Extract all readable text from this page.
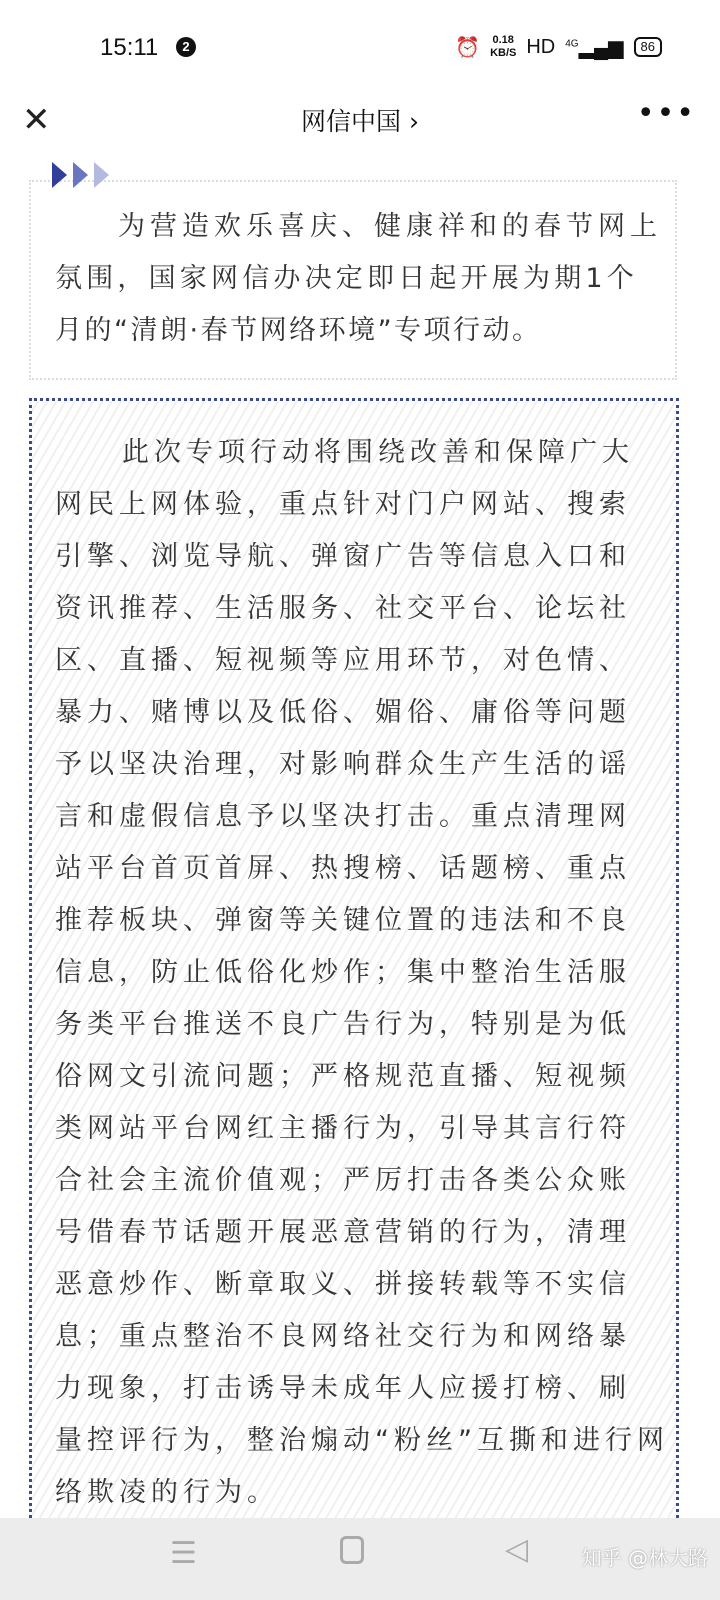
15:11	2	⏰ 0.18
KB/S HD $^{4G}$▂▄▆	86
✕	网信中国 ›	•••
为营造欢乐喜庆、健康祥和的春节网上
氛围，国家网信办决定即日起开展为期1个
月的“清朗·春节网络环境”专项行动。
此次专项行动将围绕改善和保障广大
网民上网体验，重点针对门户网站、搜索
引擎、浏览导航、弹窗广告等信息入口和
资讯推荐、生活服务、社交平台、论坛社
区、直播、短视频等应用环节，对色情、
暴力、赌博以及低俗、媚俗、庸俗等问题
予以坚决治理，对影响群众生产生活的谣
言和虚假信息予以坚决打击。重点清理网
站平台首页首屏、热搜榜、话题榜、重点
推荐板块、弹窗等关键位置的违法和不良
信息，防止低俗化炒作；集中整治生活服
务类平台推送不良广告行为，特别是为低
俗网文引流问题；严格规范直播、短视频
类网站平台网红主播行为，引导其言行符
合社会主流价值观；严厉打击各类公众账
号借春节话题开展恶意营销的行为，清理
恶意炒作、断章取义、拼接转载等不实信
息；重点整治不良网络社交行为和网络暴
力现象，打击诱导未成年人应援打榜、刷
量控评行为，整治煽动“粉丝”互撕和进行网
络欺凌的行为。
☰	◁	知乎 @林大路
